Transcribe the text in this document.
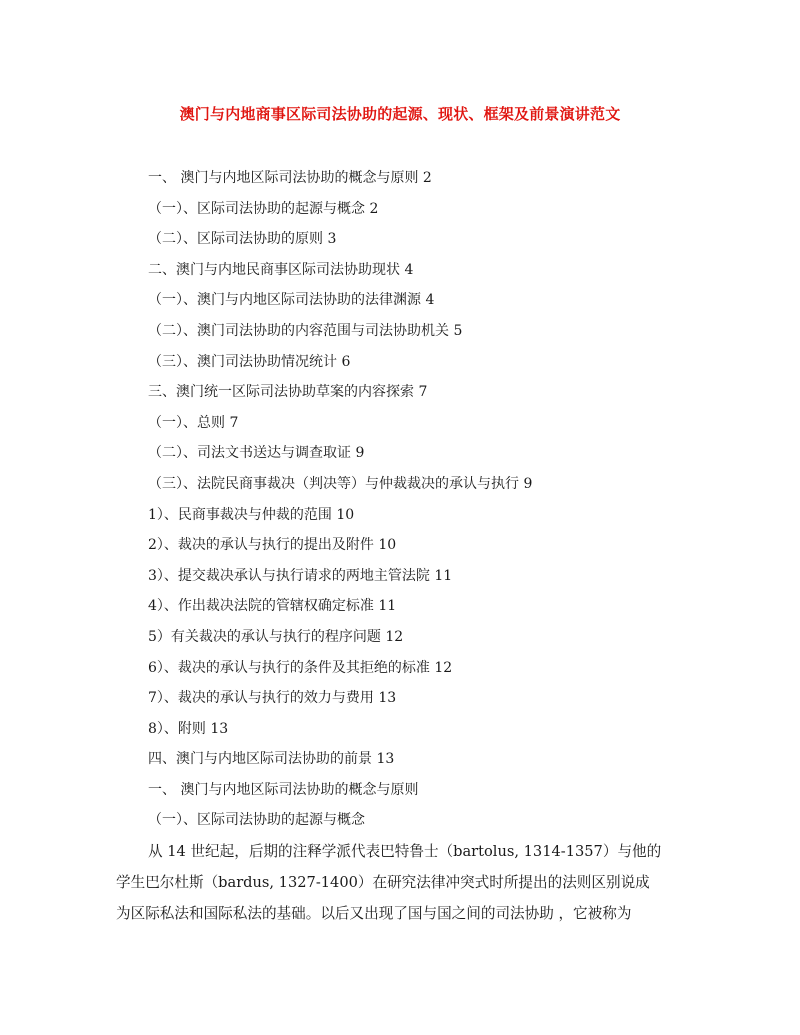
澳门与内地商事区际司法协助的起源、现状、框架及前景演讲范文
一、 澳门与内地区际司法协助的概念与原则 2
（一）、区际司法协助的起源与概念 2
（二）、区际司法协助的原则 3
二、澳门与内地民商事区际司法协助现状 4
（一）、澳门与内地区际司法协助的法律渊源 4
（二）、澳门司法协助的内容范围与司法协助机关 5
（三）、澳门司法协助情况统计 6
三、澳门统一区际司法协助草案的内容探索 7
（一）、总则 7
（二）、司法文书送达与调查取证 9
（三）、法院民商事裁决（判决等）与仲裁裁决的承认与执行 9
1）、民商事裁决与仲裁的范围 10
2）、裁决的承认与执行的提出及附件 10
3）、提交裁决承认与执行请求的两地主管法院 11
4）、作出裁决法院的管辖权确定标准 11
5）有关裁决的承认与执行的程序问题 12
6）、裁决的承认与执行的条件及其拒绝的标准 12
7）、裁决的承认与执行的效力与费用 13
8）、附则 13
四、澳门与内地区际司法协助的前景 13
一、 澳门与内地区际司法协助的概念与原则
（一）、区际司法协助的起源与概念
从 14 世纪起，后期的注释学派代表巴特鲁士（bartolus, 1314-1357）与他的
学生巴尔杜斯（bardus, 1327-1400）在研究法律冲突式时所提出的法则区别说成
为区际私法和国际私法的基础。以后又出现了国与国之间的司法协助 ，它被称为
